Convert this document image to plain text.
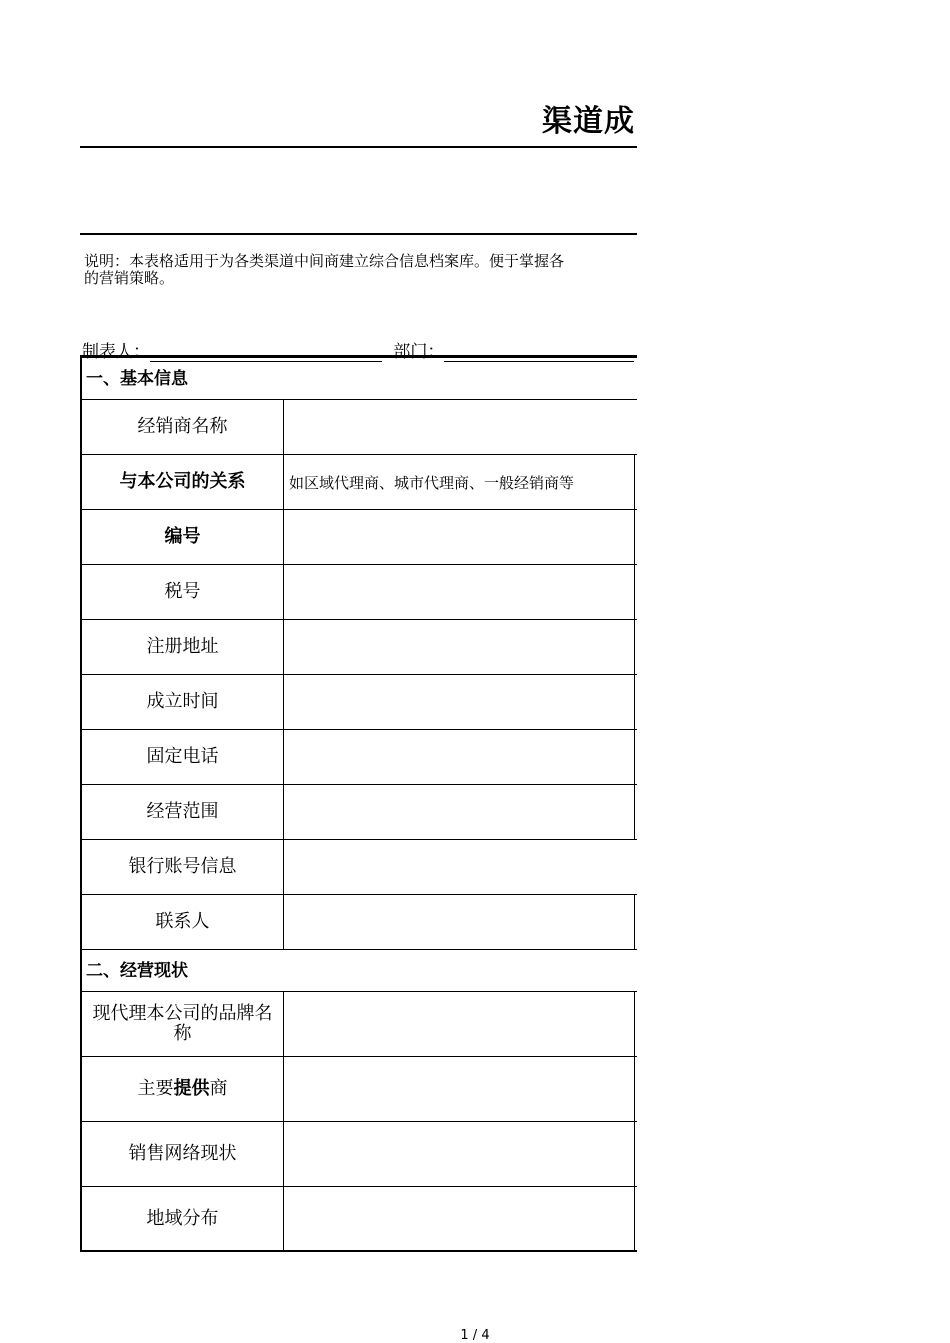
渠道成
说明：本表格适用于为各类渠道中间商建立综合信息档案库。便于掌握各
的营销策略。
制表人：	部门：
一、基本信息
经销商名称
与本公司的关系	如区域代理商、城市代理商、一般经销商等
编号
税号
注册地址
成立时间
固定电话
经营范围
银行账号信息
联系人
二、经营现状
现代理本公司的品牌名称
主要 提供 商
销售网络现状
地域分布
1 / 4
